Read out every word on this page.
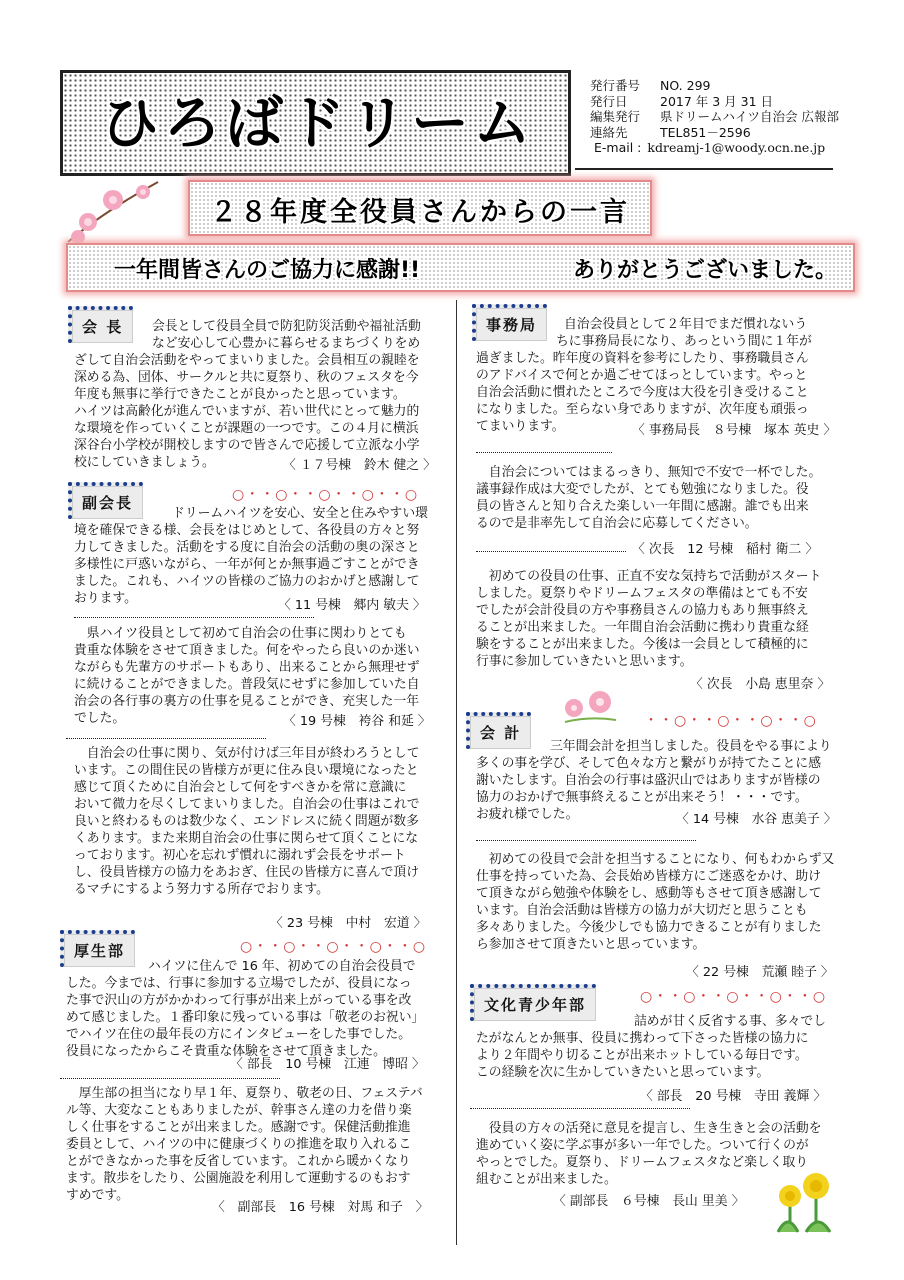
ひろばドリーム
発行番号	NO. 299
発行日	2017 年 3 月 31 日
編集発行	県ドリームハイツ自治会 広報部
連絡先	TEL851－2596
E-mail : kdreamj-1@woody.ocn.ne.jp
２８年度全役員さんからの一言
一年間皆さんのご協力に感謝!!	ありがとうございました。
会 長	会長として役員全員で防犯防災活動や福祉活動
など安心して心豊かに暮らせるまちづくりをめ
ざして自治会活動をやってまいりました。会員相互の親睦を
深める為、団体、サークルと共に夏祭り、秋のフェスタを今
年度も無事に挙行できたことが良かったと思っています。
ハイツは高齢化が進んでいますが、若い世代にとって魅力的
な環境を作っていくことが課題の一つです。この４月に横浜
深谷台小学校が開校しますので皆さんで応援して立派な小学
校にしていきましょう。	〈 １７号棟　鈴木 健之 〉
副会長	○・・○・・○・・○・・○
ドリームハイツを安心、安全と住みやすい環
境を確保できる様、会長をはじめとして、各役員の方々と努
力してきました。活動をする度に自治会の活動の奥の深さと
多様性に戸惑いながら、一年が何とか無事過ごすことができ
ました。これも、ハイツの皆様のご協力のおかげと感謝して
おります。	〈 11 号棟　郷内 敏夫 〉
　県ハイツ役員として初めて自治会の仕事に関わりとても
貴重な体験をさせて頂きました。何をやったら良いのか迷い
ながらも先輩方のサポートもあり、出来ることから無理せず
に続けることができました。普段気にせずに参加していた自
治会の各行事の裏方の仕事を見ることができ、充実した一年
でした。	〈 19 号棟　袴谷 和延 〉
　自治会の仕事に関り、気が付けば三年目が終わろうとして
います。この間住民の皆様方が更に住み良い環境になったと
感じて頂くために自治会として何をすべきかを常に意識に
おいて微力を尽くしてまいりました。自治会の仕事はこれで
良いと終わるものは数少なく、エンドレスに続く問題が数多
くあります。また来期自治会の仕事に関らせて頂くことにな
っております。初心を忘れず慣れに溺れず会長をサポート
し、役員皆様方の協力をあおぎ、住民の皆様方に喜んで頂け
るマチにするよう努力する所存でおります。
〈 23 号棟　中村　宏道 〉
厚生部	○・・○・・○・・○・・○
ハイツに住んで 16 年、初めての自治会役員で
した。今までは、行事に参加する立場でしたが、役員になっ
た事で沢山の方がかかわって行事が出来上がっている事を改
めて感じました。１番印象に残っている事は「敬老のお祝い」
でハイツ在住の最年長の方にインタビューをした事でした。
役員になったからこそ貴重な体験をさせて頂きました。
〈 部長　10 号棟　江連　博昭 〉
　厚生部の担当になり早１年、夏祭り、敬老の日、フェステバ
ル等、大変なこともありましたが、幹事さん達の力を借り楽
しく仕事をすることが出来ました。感謝です。保健活動推進
委員として、ハイツの中に健康づくりの推進を取り入れるこ
とができなかった事を反省しています。これから暖かくなり
ます。散歩をしたり、公園施設を利用して運動するのもおす
すめです。
〈　副部長　16 号棟　対馬 和子　〉
事務局	自治会役員として２年目でまだ慣れないう
ちに事務局長になり、あっという間に１年が
過ぎました。昨年度の資料を参考にしたり、事務職員さん
のアドバイスで何とか過ごせてほっとしています。やっと
自治会活動に慣れたところで今度は大役を引き受けること
になりました。至らない身でありますが、次年度も頑張っ
てまいります。	〈 事務局長　８号棟　塚本 英史 〉
　自治会についてはまるっきり、無知で不安で一杯でした。
議事録作成は大変でしたが、とても勉強になりました。役
員の皆さんと知り合えた楽しい一年間に感謝。誰でも出来
るので是非率先して自治会に応募してください。
〈 次長　12 号棟　稲村 衛二 〉
　初めての役員の仕事、正直不安な気持ちで活動がスタート
しました。夏祭りやドリームフェスタの準備はとても不安
でしたが会計役員の方や事務員さんの協力もあり無事終え
ることが出来ました。一年間自治会活動に携わり貴重な経
験をすることが出来ました。今後は一会員として積極的に
行事に参加していきたいと思います。
〈 次長　小島 恵里奈 〉
会 計
・・○・・○・・○・・○
三年間会計を担当しました。役員をやる事により
多くの事を学び、そして色々な方と繋がりが持てたことに感
謝いたします。自治会の行事は盛沢山ではありますが皆様の
協力のおかげで無事終えることが出来そう！・・・です。
お疲れ様でした。	〈 14 号棟　水谷 恵美子 〉
　初めての役員で会計を担当することになり、何もわからず又
仕事を持っていた為、会長始め皆様方にご迷惑をかけ、助け
て頂きながら勉強や体験をし、感動等もさせて頂き感謝して
います。自治会活動は皆様方の協力が大切だと思うことも
多々ありました。今後少しでも協力できることが有りました
ら参加させて頂きたいと思っています。
〈 22 号棟　荒瀬 睦子 〉
文化青少年部	○・・○・・○・・○・・○
詰めが甘く反省する事、多々でし
たがなんとか無事、役員に携わって下さった皆様の協力に
より２年間やり切ることが出来ホットしている毎日です。
この経験を次に生かしていきたいと思っています。
〈 部長　20 号棟　寺田 義輝 〉
　役員の方々の活発に意見を提言し、生き生きと会の活動を
進めていく姿に学ぶ事が多い一年でした。ついて行くのが
やっとでした。夏祭り、ドリームフェスタなど楽しく取り
組むことが出来ました。
〈 副部長　６号棟　長山 里美 〉
